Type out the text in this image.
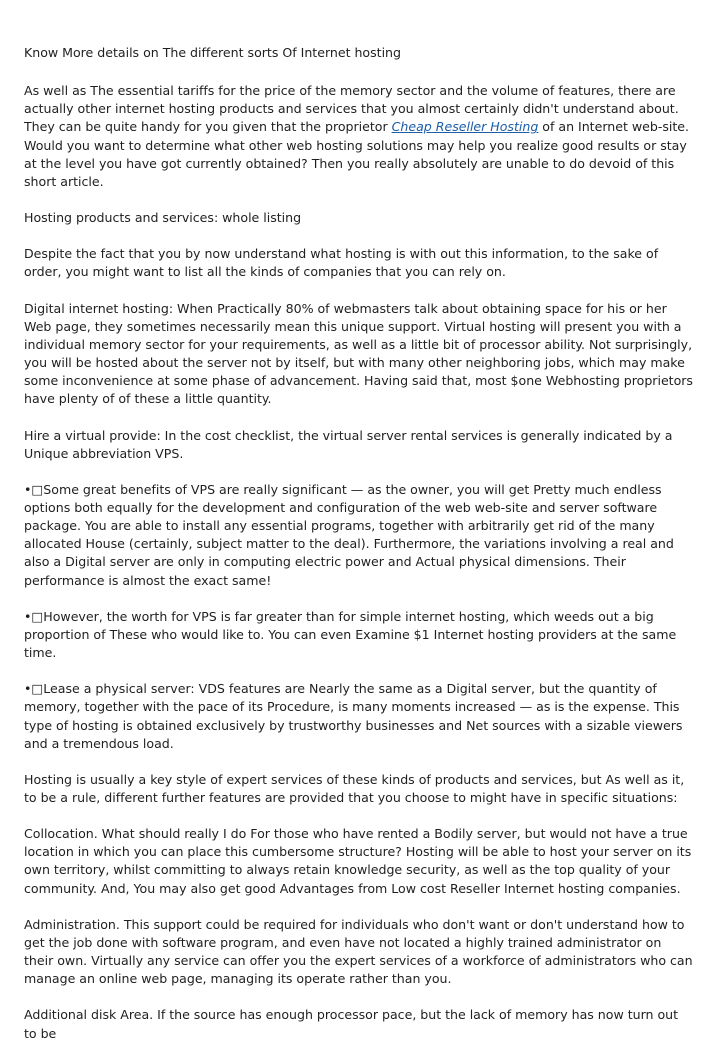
Know More details on The different sorts Of Internet hosting

As well as The essential tariffs for the price of the memory sector and the volume of features, there are actually other internet hosting products and services that you almost certainly didn't understand about. They can be quite handy for you given that the proprietor Cheap Reseller Hosting of an Internet web-site. Would you want to determine what other web hosting solutions may help you realize good results or stay at the level you have got currently obtained? Then you really absolutely are unable to do devoid of this short article.

Hosting products and services: whole listing

Despite the fact that you by now understand what hosting is with out this information, to the sake of order, you might want to list all the kinds of companies that you can rely on.

Digital internet hosting: When Practically 80% of webmasters talk about obtaining space for his or her Web page, they sometimes necessarily mean this unique support. Virtual hosting will present you with a individual memory sector for your requirements, as well as a little bit of processor ability. Not surprisingly, you will be hosted about the server not by itself, but with many other neighboring jobs, which may make some inconvenience at some phase of advancement. Having said that, most $one Webhosting proprietors have plenty of of these a little quantity.

Hire a virtual provide: In the cost checklist, the virtual server rental services is generally indicated by a Unique abbreviation VPS.

•□Some great benefits of VPS are really significant — as the owner, you will get Pretty much endless options both equally for the development and configuration of the web web-site and server software package. You are able to install any essential programs, together with arbitrarily get rid of the many allocated House (certainly, subject matter to the deal). Furthermore, the variations involving a real and also a Digital server are only in computing electric power and Actual physical dimensions. Their performance is almost the exact same!

•□However, the worth for VPS is far greater than for simple internet hosting, which weeds out a big proportion of These who would like to. You can even Examine $1 Internet hosting providers at the same time.

•□Lease a physical server: VDS features are Nearly the same as a Digital server, but the quantity of memory, together with the pace of its Procedure, is many moments increased — as is the expense. This type of hosting is obtained exclusively by trustworthy businesses and Net sources with a sizable viewers and a tremendous load.

Hosting is usually a key style of expert services of these kinds of products and services, but As well as it, to be a rule, different further features are provided that you choose to might have in specific situations:

Collocation. What should really I do For those who have rented a Bodily server, but would not have a true location in which you can place this cumbersome structure? Hosting will be able to host your server on its own territory, whilst committing to always retain knowledge security, as well as the top quality of your community. And, You may also get good Advantages from Low cost Reseller Internet hosting companies.

Administration. This support could be required for individuals who don't want or don't understand how to get the job done with software program, and even have not located a highly trained administrator on their own. Virtually any service can offer you the expert services of a workforce of administrators who can manage an online web page, managing its operate rather than you.

Additional disk Area. If the source has enough processor pace, but the lack of memory has now turn out to be
